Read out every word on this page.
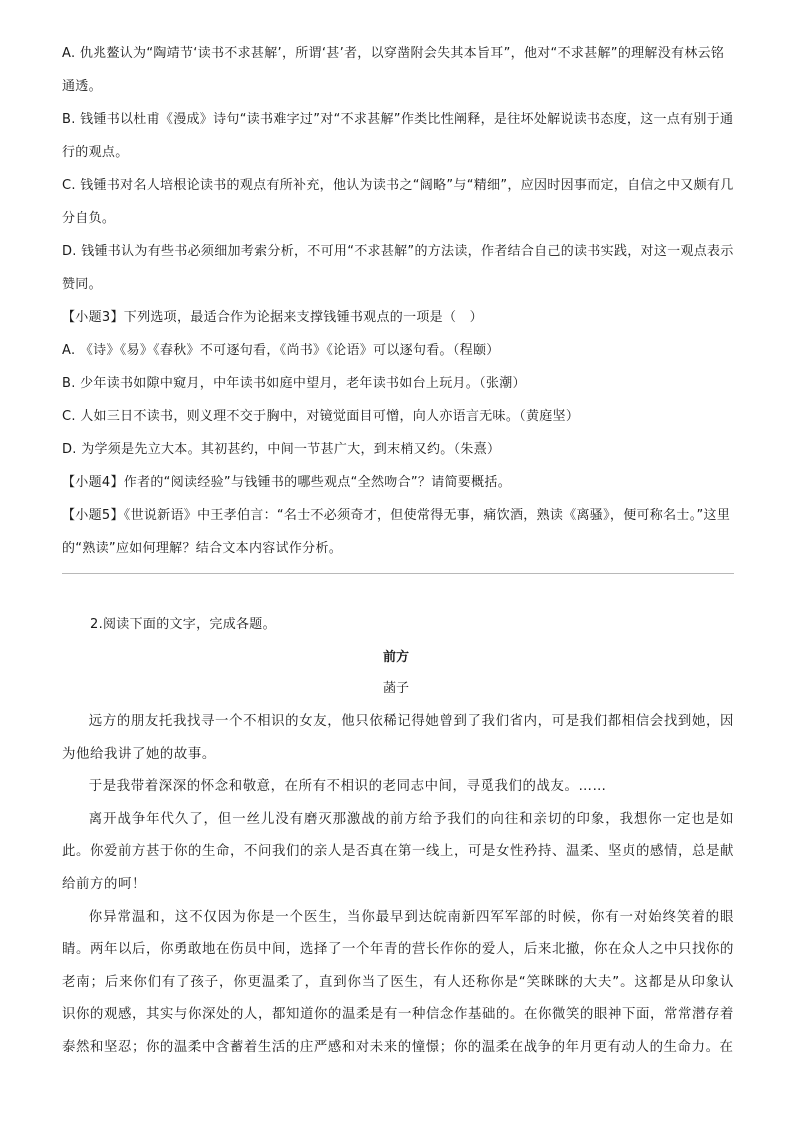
A. 仇兆鳌认为“陶靖节‘读书不求甚解’，所谓‘甚’者，以穿凿附会失其本旨耳”，他对“不求甚解”的理解没有林云铭通透。

B. 钱锺书以杜甫《漫成》诗句“读书难字过”对“不求甚解”作类比性阐释，是往坏处解说读书态度，这一点有别于通行的观点。

C. 钱锺书对名人培根论读书的观点有所补充，他认为读书之“阔略”与“精细”，应因时因事而定，自信之中又颇有几分自负。

D. 钱锺书认为有些书必须细加考索分析，不可用“不求甚解”的方法读，作者结合自己的读书实践，对这一观点表示赞同。

【小题3】下列选项，最适合作为论据来支撑钱锺书观点的一项是（　）

A. 《诗》《易》《春秋》不可逐句看，《尚书》《论语》可以逐句看。（程颐）

B. 少年读书如隙中窥月，中年读书如庭中望月，老年读书如台上玩月。（张潮）

C. 人如三日不读书，则义理不交于胸中，对镜觉面目可憎，向人亦语言无味。（黄庭坚）

D. 为学须是先立大本。其初甚约，中间一节甚广大，到末梢又约。（朱熹）

【小题4】作者的“阅读经验”与钱锺书的哪些观点“全然吻合”？请简要概括。

【小题5】《世说新语》中王孝伯言：“名士不必须奇才，但使常得无事，痛饮酒，熟读《离骚》，便可称名士。”这里的“熟读”应如何理解？结合文本内容试作分析。

2.阅读下面的文字，完成各题。
前方
菡子

远方的朋友托我找寻一个不相识的女友，他只依稀记得她曾到了我们省内，可是我们都相信会找到她，因为他给我讲了她的故事。

于是我带着深深的怀念和敬意，在所有不相识的老同志中间，寻觅我们的战友。……

离开战争年代久了，但一丝儿没有磨灭那激战的前方给予我们的向往和亲切的印象，我想你一定也是如此。你爱前方甚于你的生命，不问我们的亲人是否真在第一线上，可是女性矜持、温柔、坚贞的感情，总是献给前方的呵！

你异常温和，这不仅因为你是一个医生，当你最早到达皖南新四军军部的时候，你有一对始终笑着的眼睛。两年以后，你勇敢地在伤员中间，选择了一个年青的营长作你的爱人，后来北撤，你在众人之中只找你的老南；后来你们有了孩子，你更温柔了，直到你当了医生，有人还称你是“笑眯眯的大夫”。这都是从印象认识你的观感，其实与你深处的人，都知道你的温柔是有一种信念作基础的。在你微笑的眼神下面，常常潜存着泰然和坚忍；你的温柔中含蓄着生活的庄严感和对未来的憧憬；你的温柔在战争的年月更有动人的生命力。在
